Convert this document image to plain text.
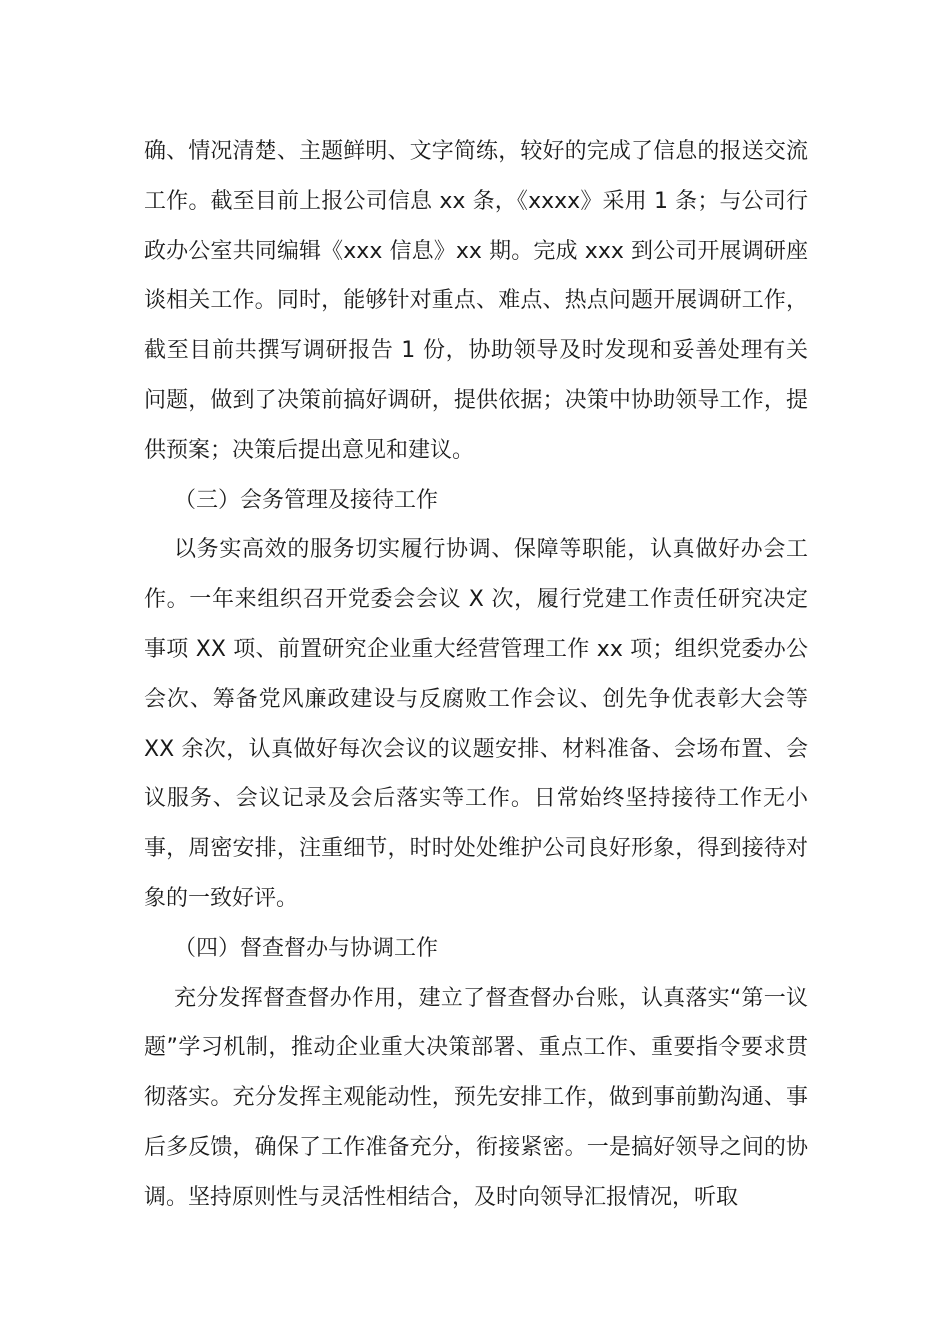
确、情况清楚、主题鲜明、文字简练，较好的完成了信息的报送交流工作。截至目前上报公司信息 xx 条，《xxxx》采用 1 条；与公司行政办公室共同编辑《xxx 信息》xx 期。完成 xxx 到公司开展调研座谈相关工作。同时，能够针对重点、难点、热点问题开展调研工作，截至目前共撰写调研报告 1 份，协助领导及时发现和妥善处理有关问题，做到了决策前搞好调研，提供依据；决策中协助领导工作，提供预案；决策后提出意见和建议。

（三）会务管理及接待工作

以务实高效的服务切实履行协调、保障等职能，认真做好办会工作。一年来组织召开党委会会议 X 次，履行党建工作责任研究决定事项 XX 项、前置研究企业重大经营管理工作 xx 项；组织党委办公会次、筹备党风廉政建设与反腐败工作会议、创先争优表彰大会等 XX 余次，认真做好每次会议的议题安排、材料准备、会场布置、会议服务、会议记录及会后落实等工作。日常始终坚持接待工作无小事，周密安排，注重细节，时时处处维护公司良好形象，得到接待对象的一致好评。

（四）督查督办与协调工作

充分发挥督查督办作用，建立了督查督办台账，认真落实“第一议题”学习机制，推动企业重大决策部署、重点工作、重要指令要求贯彻落实。充分发挥主观能动性，预先安排工作，做到事前勤沟通、事后多反馈，确保了工作准备充分，衔接紧密。一是搞好领导之间的协调。坚持原则性与灵活性相结合，及时向领导汇报情况，听取
